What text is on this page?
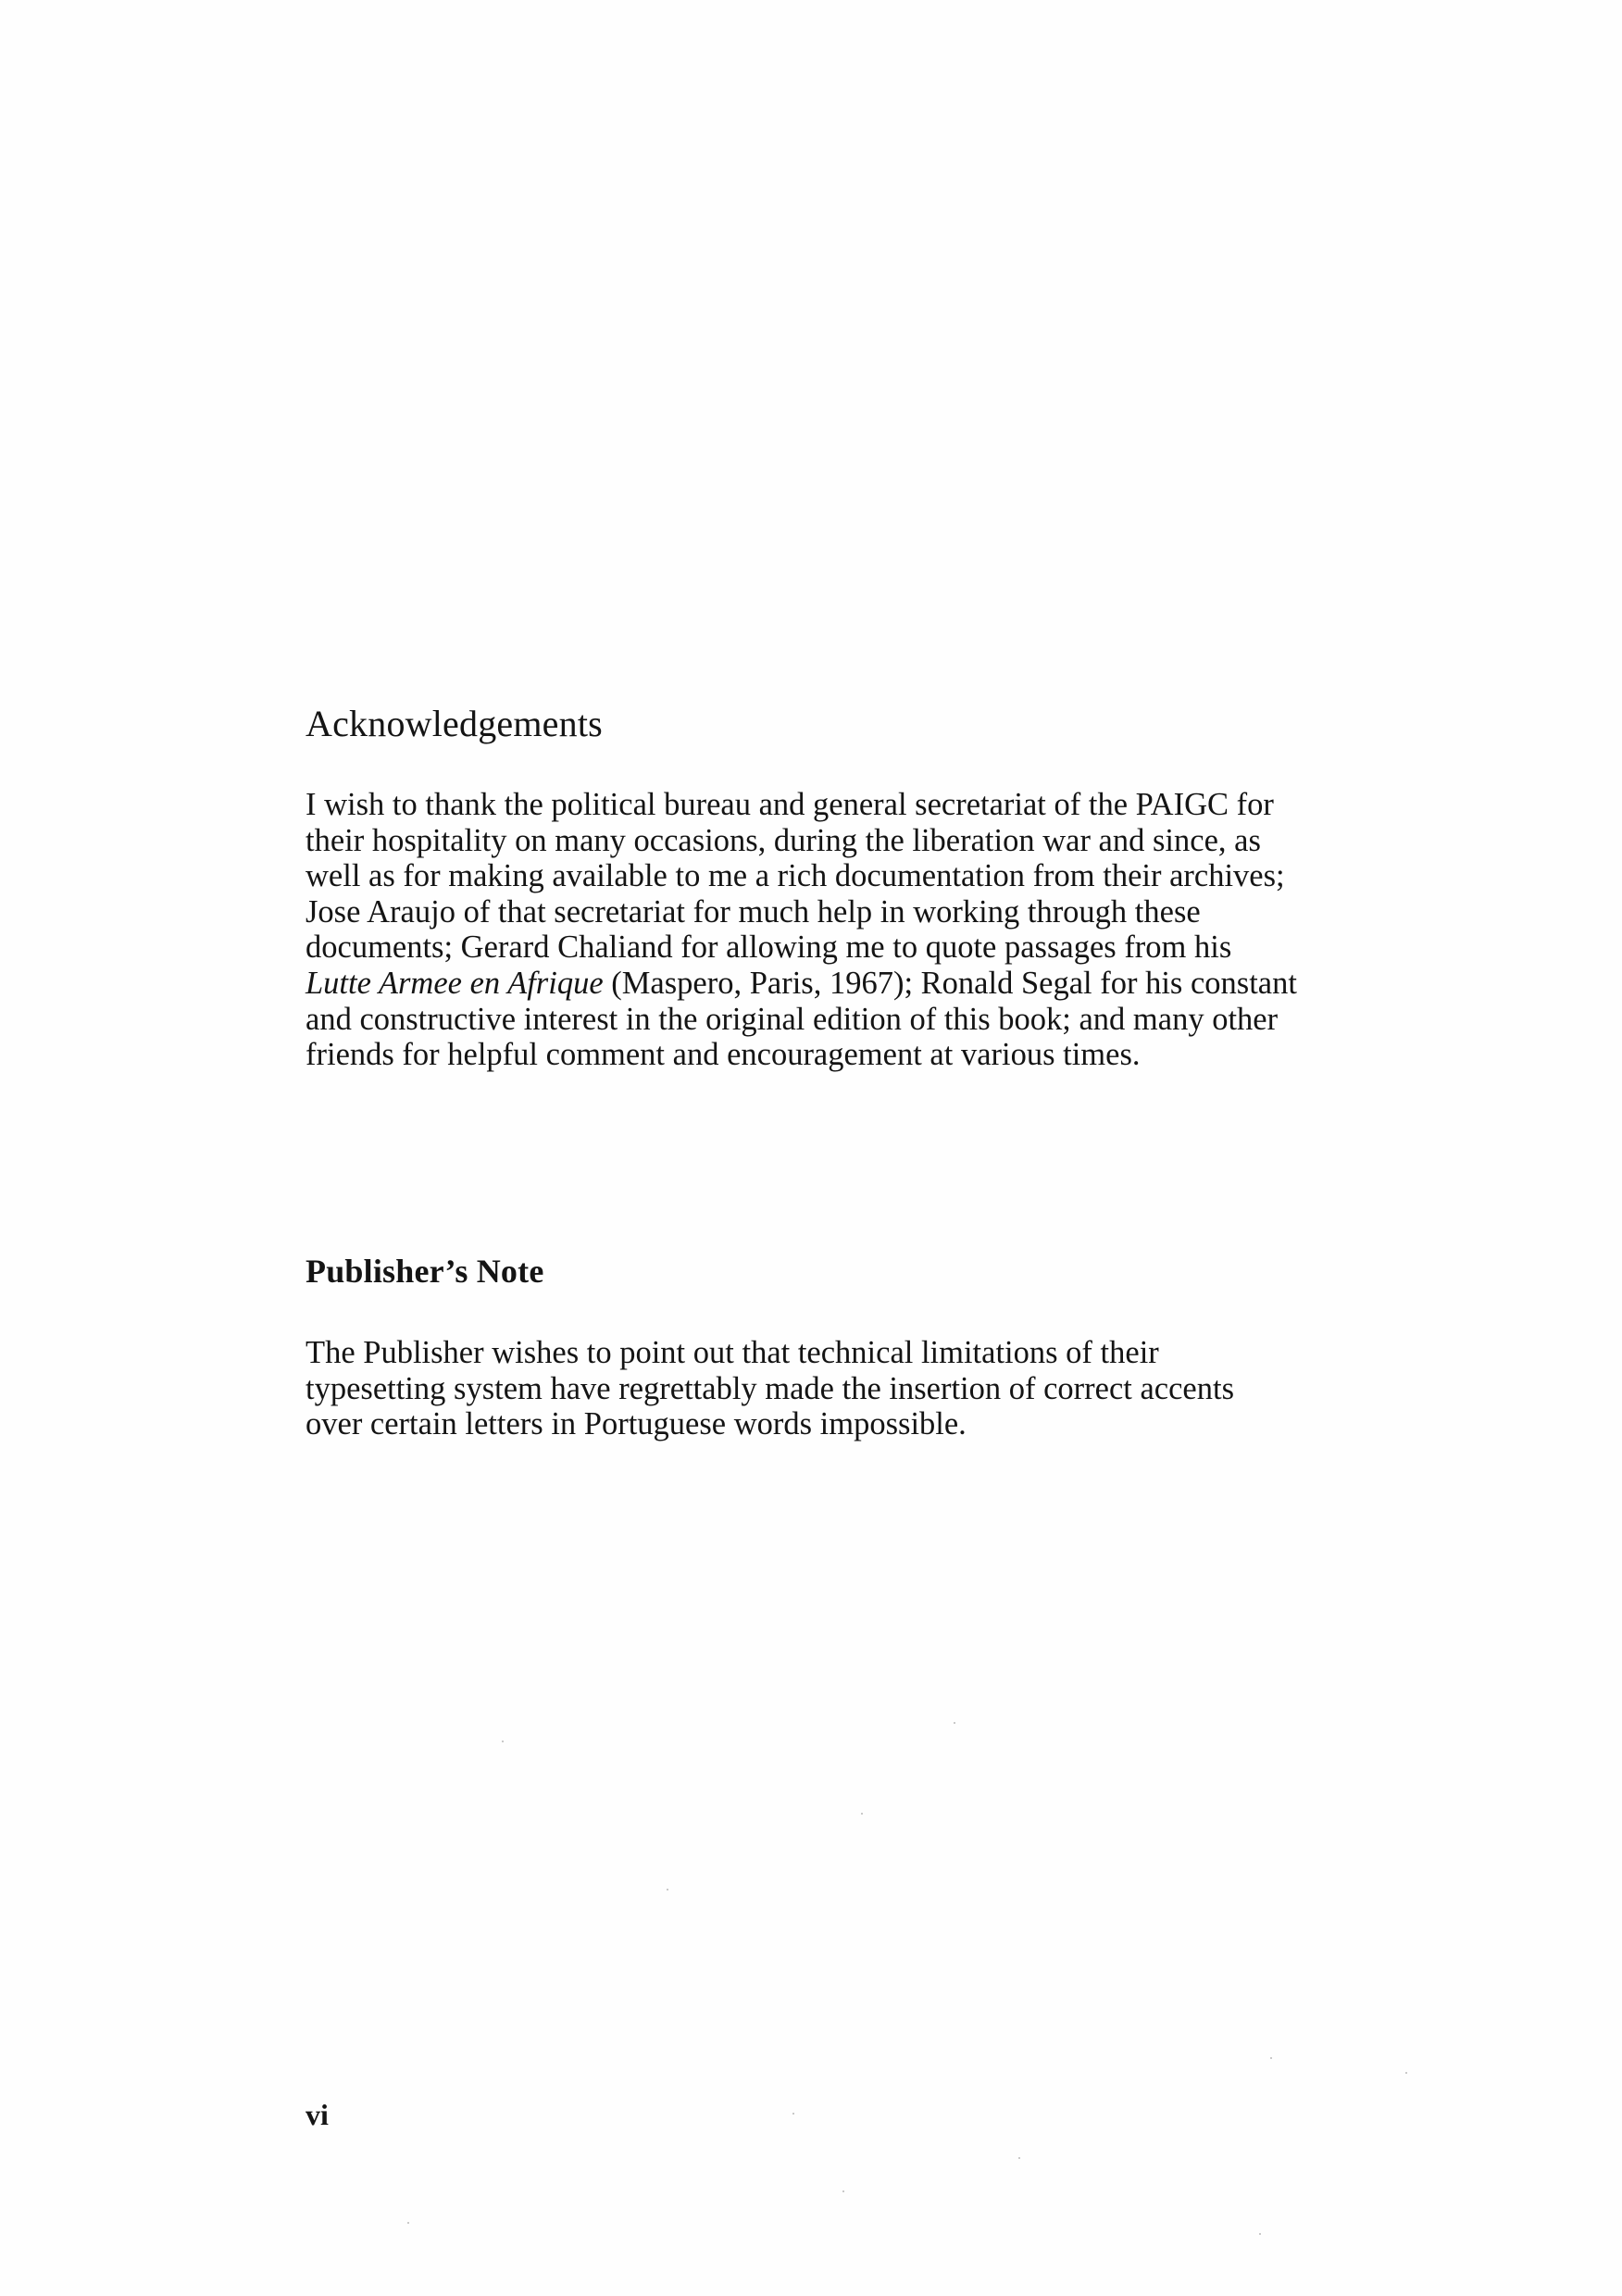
Acknowledgements

I wish to thank the political bureau and general secretariat of the PAIGC for
their hospitality on many occasions, during the liberation war and since, as
well as for making available to me a rich documentation from their archives;
Jose Araujo of that secretariat for much help in working through these
documents; Gerard Chaliand for allowing me to quote passages from his
Lutte Armee en Afrique (Maspero, Paris, 1967); Ronald Segal for his constant
and constructive interest in the original edition of this book; and many other
friends for helpful comment and encouragement at various times.

Publisher’s Note

The Publisher wishes to point out that technical limitations of their
typesetting system have regrettably made the insertion of correct accents
over certain letters in Portuguese words impossible.

vi
